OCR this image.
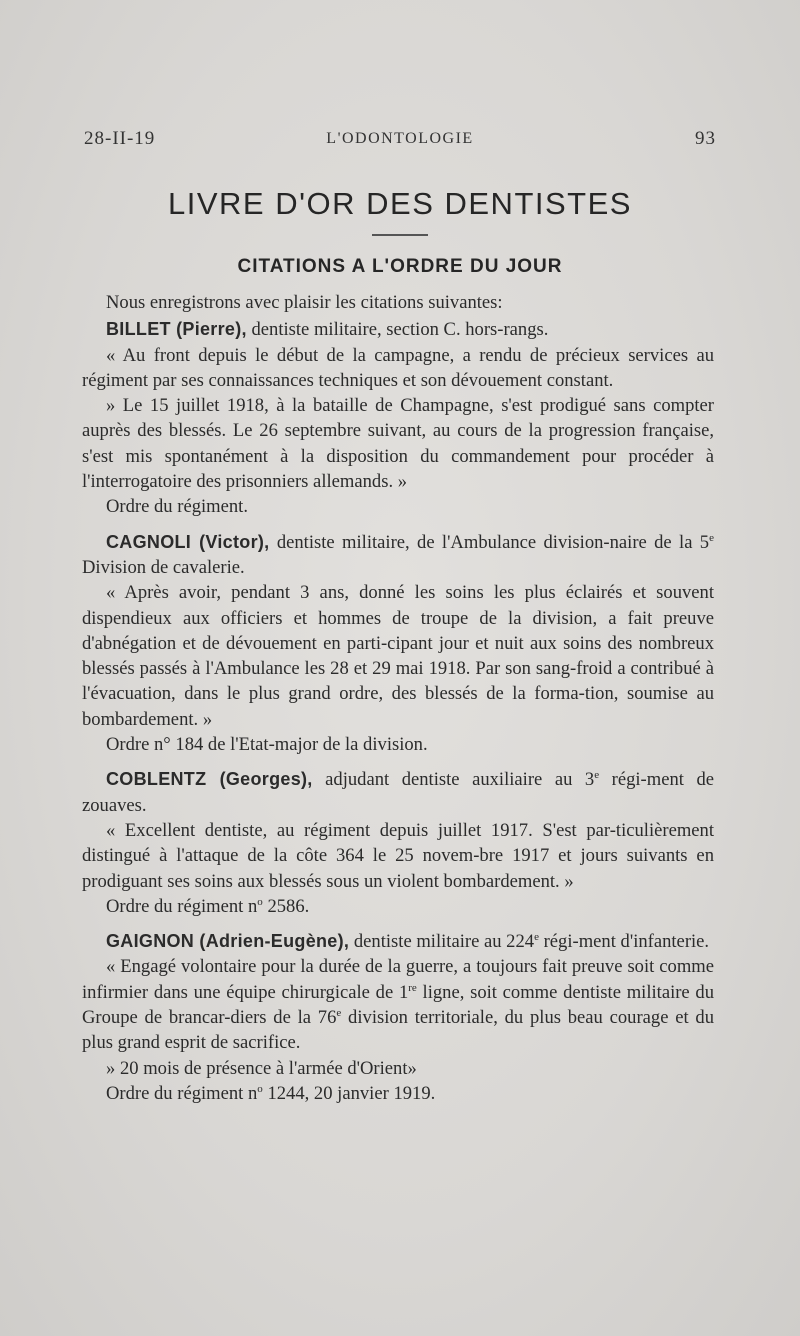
28-II-19	L'ODONTOLOGIE	93
LIVRE D'OR DES DENTISTES
CITATIONS A L'ORDRE DU JOUR

Nous enregistrons avec plaisir les citations suivantes:

BILLET (Pierre), dentiste militaire, section C. hors-rangs.

« Au front depuis le début de la campagne, a rendu de précieux services au régiment par ses connaissances techniques et son dévouement constant.

» Le 15 juillet 1918, à la bataille de Champagne, s'est prodigué sans compter auprès des blessés. Le 26 septembre suivant, au cours de la progression française, s'est mis spontanément à la disposition du commandement pour procéder à l'interrogatoire des prisonniers allemands. »

Ordre du régiment.

CAGNOLI (Victor), dentiste militaire, de l'Ambulance division-naire de la 5e Division de cavalerie.

« Après avoir, pendant 3 ans, donné les soins les plus éclairés et souvent dispendieux aux officiers et hommes de troupe de la division, a fait preuve d'abnégation et de dévouement en parti-cipant jour et nuit aux soins des nombreux blessés passés à l'Ambulance les 28 et 29 mai 1918. Par son sang-froid a contribué à l'évacuation, dans le plus grand ordre, des blessés de la forma-tion, soumise au bombardement. »

Ordre n° 184 de l'Etat-major de la division.

COBLENTZ (Georges), adjudant dentiste auxiliaire au 3e régi-ment de zouaves.

« Excellent dentiste, au régiment depuis juillet 1917. S'est par-ticulièrement distingué à l'attaque de la côte 364 le 25 novem-bre 1917 et jours suivants en prodiguant ses soins aux blessés sous un violent bombardement. »

Ordre du régiment $n^o$ 2586.

GAIGNON (Adrien-Eugène), dentiste militaire au 224e régi-ment d'infanterie.

« Engagé volontaire pour la durée de la guerre, a toujours fait preuve soit comme infirmier dans une équipe chirurgicale de 1re ligne, soit comme dentiste militaire du Groupe de brancar-diers de la 76e division territoriale, du plus beau courage et du plus grand esprit de sacrifice.

» 20 mois de présence à l'armée d'Orient»

Ordre du régiment $n^o$ 1244, 20 janvier 1919.
